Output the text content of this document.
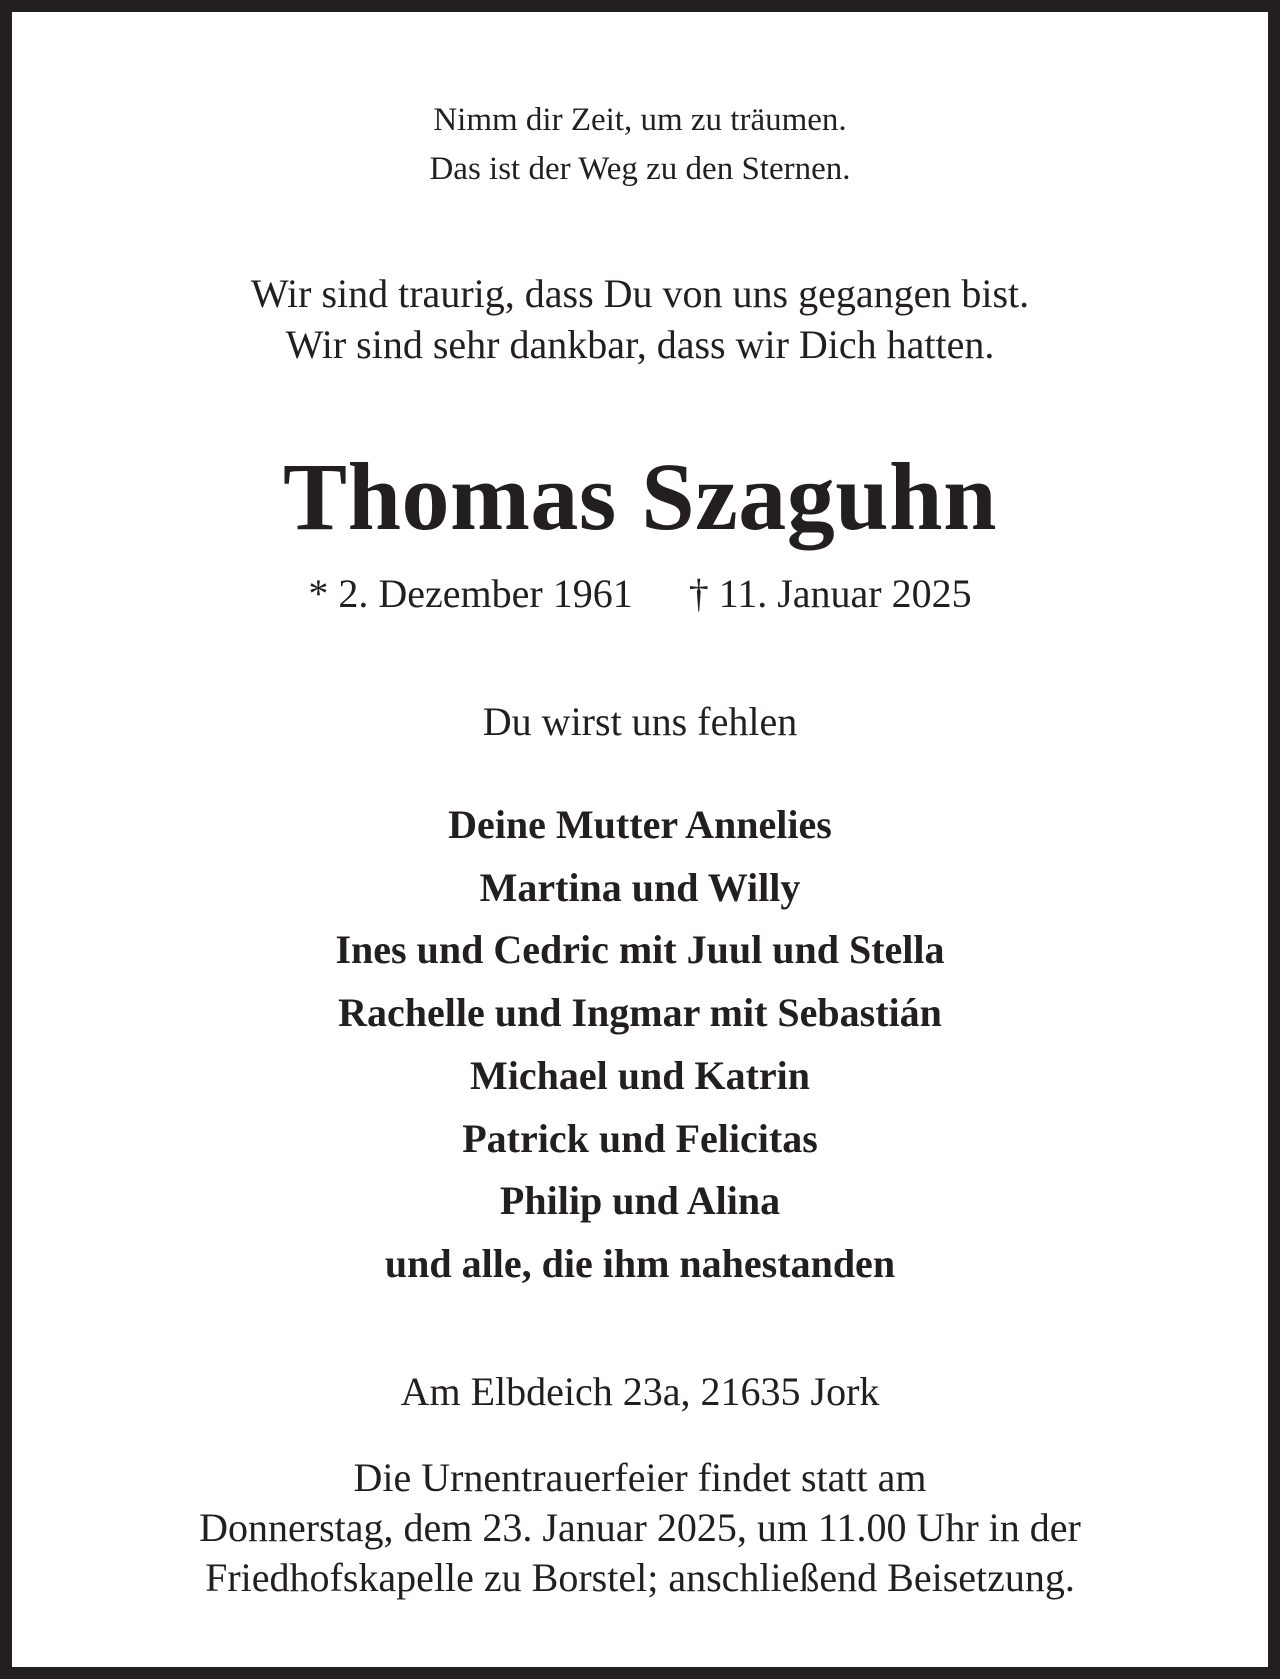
Nimm dir Zeit, um zu träumen.
Das ist der Weg zu den Sternen.
Wir sind traurig, dass Du von uns gegangen bist.
Wir sind sehr dankbar, dass wir Dich hatten.
Thomas Szaguhn
* 2. Dezember 1961 † 11. Januar 2025
Du wirst uns fehlen
Deine Mutter Annelies
Martina und Willy
Ines und Cedric mit Juul und Stella
Rachelle und Ingmar mit Sebastián
Michael und Katrin
Patrick und Felicitas
Philip und Alina
und alle, die ihm nahestanden
Am Elbdeich 23a, 21635 Jork
Die Urnentrauerfeier findet statt am
Donnerstag, dem 23. Januar 2025, um 11.00 Uhr in der
Friedhofskapelle zu Borstel; anschließend Beisetzung.
